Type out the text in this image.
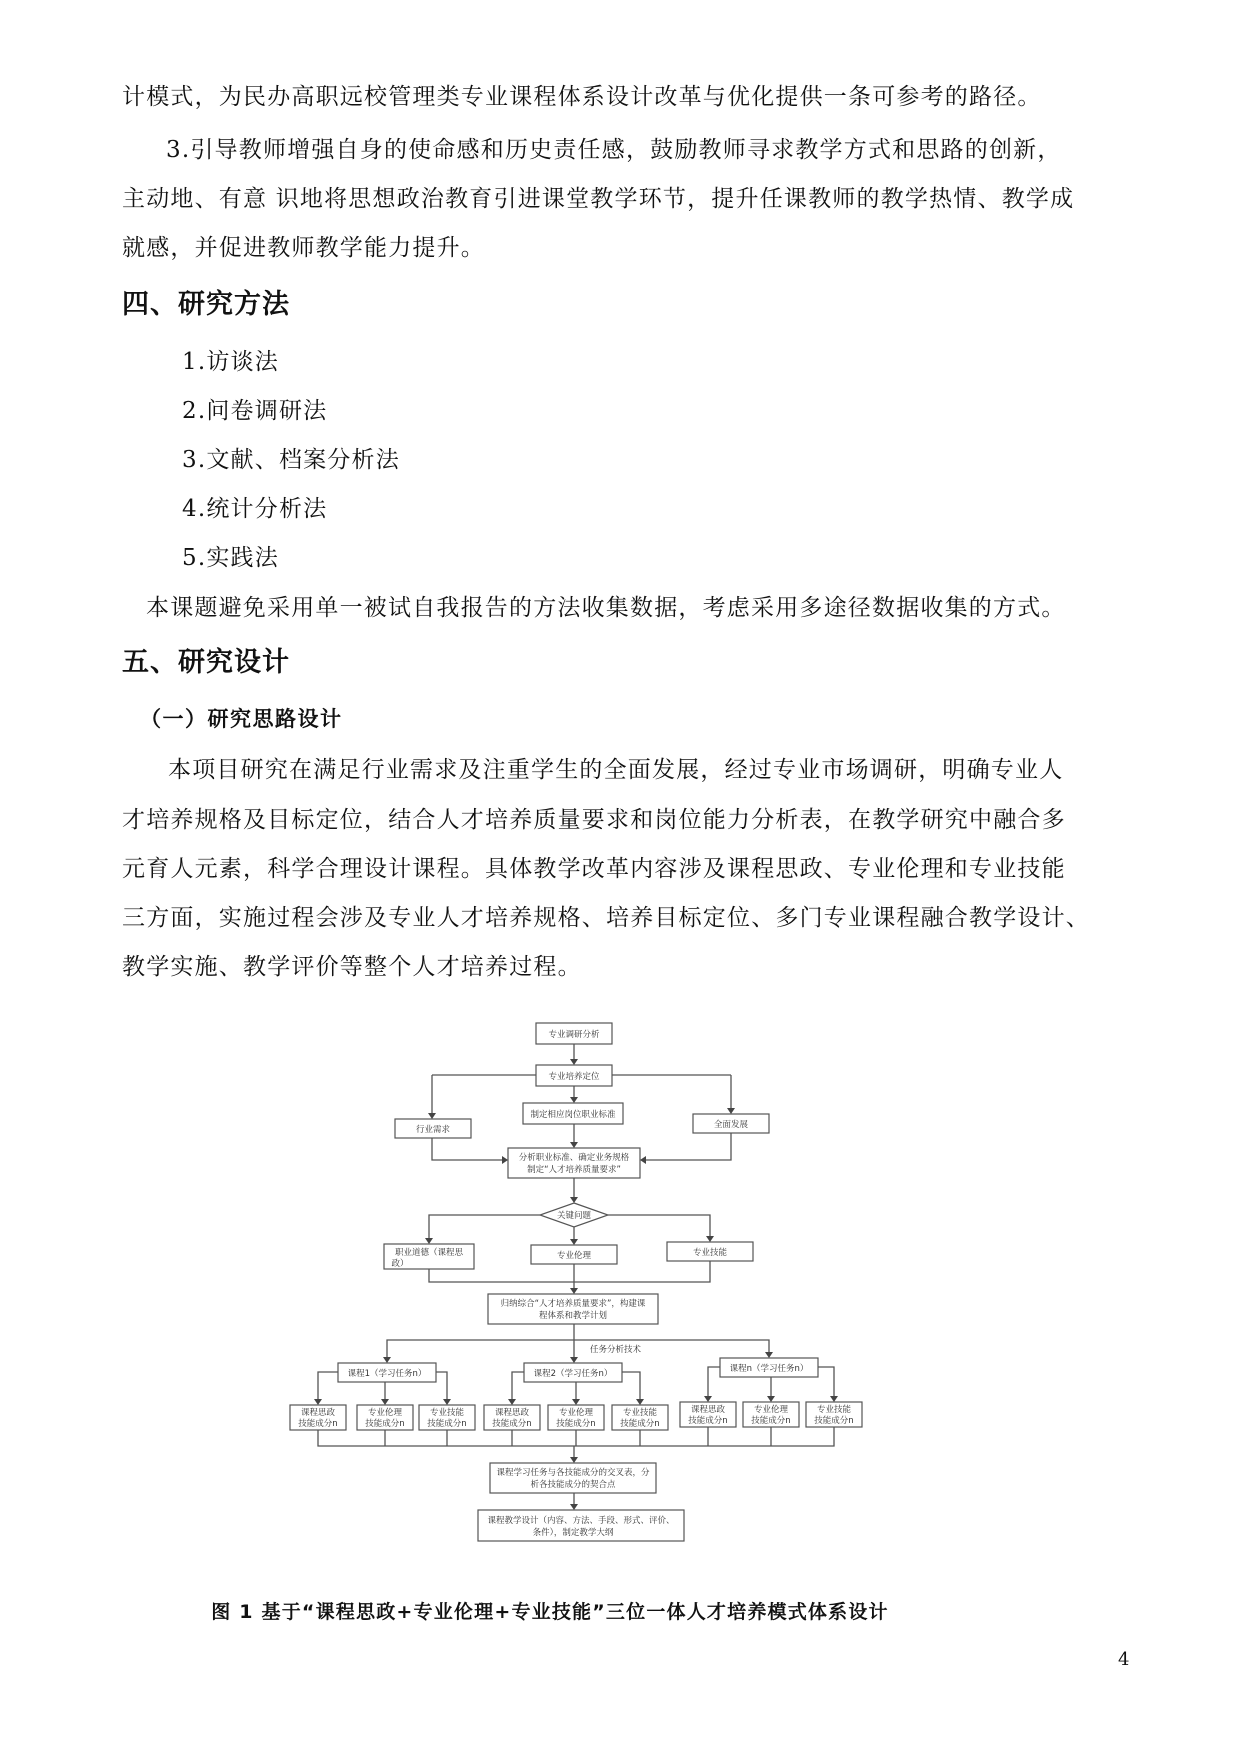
计模式，为民办高职远校管理类专业课程体系设计改革与优化提供一条可参考的路径。
3.引导教师增强自身的使命感和历史责任感，鼓励教师寻求教学方式和思路的创新，
主动地、有意 识地将思想政治教育引进课堂教学环节，提升任课教师的教学热情、教学成
就感，并促进教师教学能力提升。
四、研究方法
1.访谈法
2.问卷调研法
3.文献、档案分析法
4.统计分析法
5.实践法
本课题避免采用单一被试自我报告的方法收集数据，考虑采用多途径数据收集的方式。
五、研究设计
（一）研究思路设计
本项目研究在满足行业需求及注重学生的全面发展，经过专业市场调研，明确专业人
才培养规格及目标定位，结合人才培养质量要求和岗位能力分析表，在教学研究中融合多
元育人元素，科学合理设计课程。具体教学改革内容涉及课程思政、专业伦理和专业技能
三方面，实施过程会涉及专业人才培养规格、培养目标定位、多门专业课程融合教学设计、
教学实施、教学评价等整个人才培养过程。
专业调研分析
专业培养定位
制定相应岗位职业标准
行业需求	全面发展
分析职业标准、确定业务规格
制定“人才培养质量要求”
关键问题
职业道德（课程思
政）
专业伦理	专业技能
归纳综合“人才培养质量要求”，构建课
程体系和教学计划
任务分析技术
课程1（学习任务n）	课程2（学习任务n）	课程n（学习任务n）
课程思政
技能成分n
专业伦理
技能成分n
专业技能
技能成分n
课程思政
技能成分n
专业伦理
技能成分n
专业技能
技能成分n
课程思政
技能成分n
专业伦理
技能成分n
专业技能
技能成分n
课程学习任务与各技能成分的交叉表，分
析各技能成分的契合点
课程教学设计（内容、方法、手段、形式、评价、
条件），制定教学大纲
图 1 基于“课程思政+专业伦理+专业技能”三位一体人才培养模式体系设计
4
